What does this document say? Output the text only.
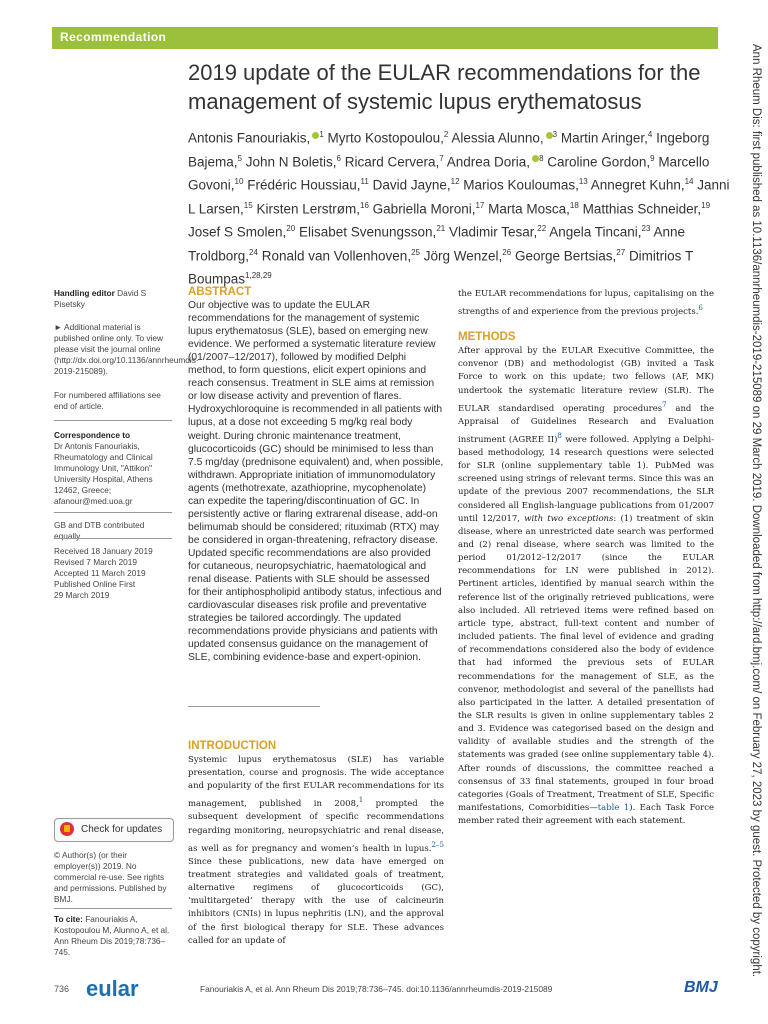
Recommendation
2019 update of the EULAR recommendations for the management of systemic lupus erythematosus
Antonis Fanouriakis, $^1$ Myrto Kostopoulou,$^2$ Alessia Alunno, $^3$ Martin Aringer,$^4$ Ingeborg Bajema,$^5$ John N Boletis,$^6$ Ricard Cervera,$^7$ Andrea Doria, $^8$ Caroline Gordon,$^9$ Marcello Govoni,$^{10}$ Frédéric Houssiau,$^{11}$ David Jayne,$^{12}$ Marios Kouloumas,$^{13}$ Annegret Kuhn,$^{14}$ Janni L Larsen,$^{15}$ Kirsten Lerstrøm,$^{16}$ Gabriella Moroni,$^{17}$ Marta Mosca,$^{18}$ Matthias Schneider,$^{19}$ Josef S Smolen,$^{20}$ Elisabet Svenungsson,$^{21}$ Vladimir Tesar,$^{22}$ Angela Tincani,$^{23}$ Anne Troldborg,$^{24}$ Ronald van Vollenhoven,$^{25}$ Jörg Wenzel,$^{26}$ George Bertsias,$^{27}$ Dimitrios T Boumpas$^{1,28,29}$
Handling editor David S Pisetsky
► Additional material is published online only. To view please visit the journal online (http://dx.doi.org/10.1136/annrheumdis-2019-215089).
For numbered affiliations see end of article.
Correspondence to
Dr Antonis Fanouriakis, Rheumatology and Clinical Immunology Unit, "Attikon" University Hospital, Athens 12462, Greece; afanour@med.uoa.gr
GB and DTB contributed equally.
Received 18 January 2019
Revised 7 March 2019
Accepted 11 March 2019
Published Online First
29 March 2019
Check for updates
© Author(s) (or their employer(s)) 2019. No commercial re-use. See rights and permissions. Published by BMJ.
To cite: Fanouriakis A, Kostopoulou M, Alunno A, et al. Ann Rheum Dis 2019;78:736–745.
ABSTRACT

Our objective was to update the EULAR recommendations for the management of systemic lupus erythematosus (SLE), based on emerging new evidence. We performed a systematic literature review (01/2007–12/2017), followed by modified Delphi method, to form questions, elicit expert opinions and reach consensus. Treatment in SLE aims at remission or low disease activity and prevention of flares. Hydroxychloroquine is recommended in all patients with lupus, at a dose not exceeding 5 mg/kg real body weight. During chronic maintenance treatment, glucocorticoids (GC) should be minimised to less than 7.5 mg/day (prednisone equivalent) and, when possible, withdrawn. Appropriate initiation of immunomodulatory agents (methotrexate, azathioprine, mycophenolate) can expedite the tapering/discontinuation of GC. In persistently active or flaring extrarenal disease, add-on belimumab should be considered; rituximab (RTX) may be considered in organ-threatening, refractory disease. Updated specific recommendations are also provided for cutaneous, neuropsychiatric, haematological and renal disease. Patients with SLE should be assessed for their antiphospholipid antibody status, infectious and cardiovascular diseases risk profile and preventative strategies be tailored accordingly. The updated recommendations provide physicians and patients with updated consensus guidance on the management of SLE, combining evidence-base and expert-opinion.

INTRODUCTION

Systemic lupus erythematosus (SLE) has variable presentation, course and prognosis. The wide acceptance and popularity of the first EULAR recommendations for its management, published in 2008,$^1$ prompted the subsequent development of specific recommendations regarding monitoring, neuropsychiatric and renal disease, as well as for pregnancy and women’s health in lupus.$^{2-5}$ Since these publications, new data have emerged on treatment strategies and validated goals of treatment, alternative regimens of glucocorticoids (GC), ‘multitargeted’ therapy with the use of calcineurin inhibitors (CNIs) in lupus nephritis (LN), and the approval of the first biological therapy for SLE. These advances called for an update of

the EULAR recommendations for lupus, capitalising on the strengths of and experience from the previous projects.$^6$

METHODS

After approval by the EULAR Executive Committee, the convenor (DB) and methodologist (GB) invited a Task Force to work on this update; two fellows (AF, MK) undertook the systematic literature review (SLR). The EULAR standardised operating procedures$^7$ and the Appraisal of Guidelines Research and Evaluation instrument (AGREE II)$^8$ were followed. Applying a Delphi-based methodology, 14 research questions were selected for SLR (online supplementary table 1). PubMed was screened using strings of relevant terms. Since this was an update of the previous 2007 recommendations, the SLR considered all English-language publications from 01/2007 until 12/2017, with two exceptions: (1) treatment of skin disease, where an unrestricted date search was performed and (2) renal disease, where search was limited to the period 01/2012–12/2017 (since the EULAR recommendations for LN were published in 2012). Pertinent articles, identified by manual search within the reference list of the originally retrieved publications, were also included. All retrieved items were refined based on article type, abstract, full-text content and number of included patients. The final level of evidence and grading of recommendations considered also the body of evidence that had informed the previous sets of EULAR recommendations for the management of SLE, as the convenor, methodologist and several of the panellists had also participated in the latter. A detailed presentation of the SLR results is given in online supplementary tables 2 and 3. Evidence was categorised based on the design and validity of available studies and the strength of the statements was graded (see online supplementary table 4). After rounds of discussions, the committee reached a consensus of 33 final statements, grouped in four broad categories (Goals of Treatment, Treatment of SLE, Specific manifestations, Comorbidities—table 1). Each Task Force member rated their agreement with each statement.

736 eular	Fanouriakis A, et al. Ann Rheum Dis 2019;78:736–745. doi:10.1136/annrheumdis-2019-215089	BMJ
Ann Rheum Dis: first published as 10.1136/annrheumdis-2019-215089 on 29 March 2019. Downloaded from http://ard.bmj.com/ on February 27, 2023 by guest. Protected by copyright.
